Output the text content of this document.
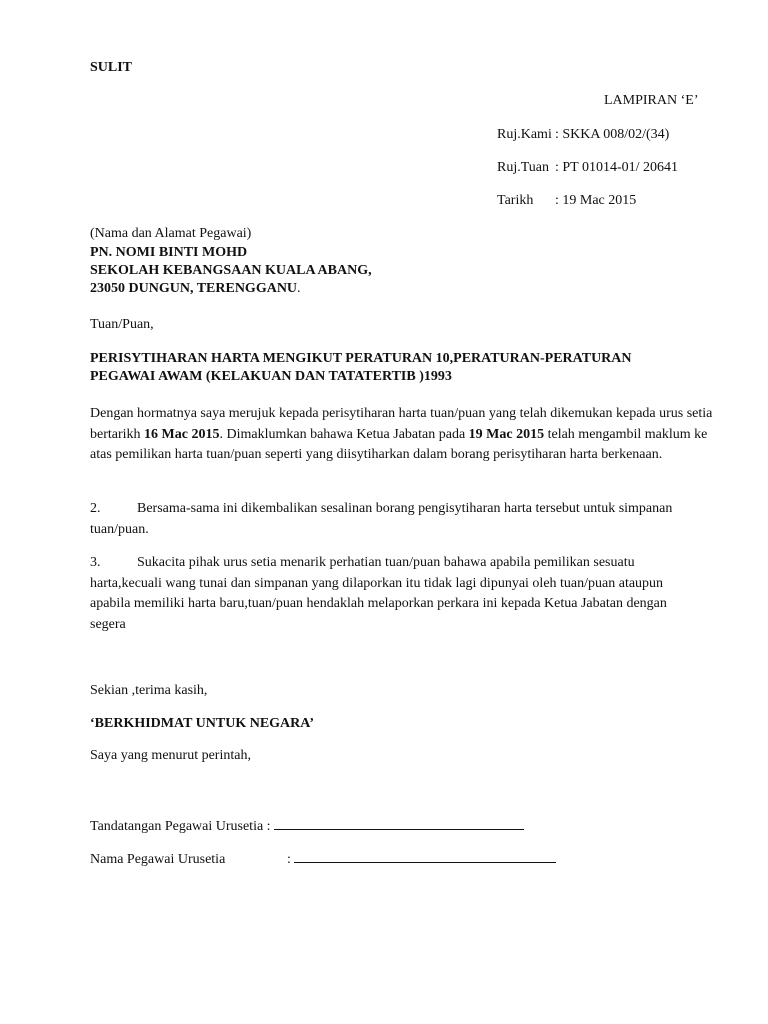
SULIT
LAMPIRAN ‘E’
Ruj.Kami : SKKA 008/02/(34)
Ruj.Tuan : PT 01014-01/ 20641
Tarikh : 19 Mac 2015
(Nama dan Alamat Pegawai)
PN. NOMI BINTI MOHD
SEKOLAH KEBANGSAAN KUALA ABANG,
23050 DUNGUN, TERENGGANU.
Tuan/Puan,
PERISYTIHARAN HARTA MENGIKUT PERATURAN 10,PERATURAN-PERATURAN
PEGAWAI AWAM (KELAKUAN DAN TATATERTIB )1993
Dengan hormatnya saya merujuk kepada perisytiharan harta tuan/puan yang telah dikemukan kepada urus setia bertarikh 16 Mac 2015. Dimaklumkan bahawa Ketua Jabatan pada 19 Mac 2015 telah mengambil maklum ke atas pemilikan harta tuan/puan seperti yang diisytiharkan dalam borang perisytiharan harta berkenaan.
2.	Bersama-sama ini dikembalikan sesalinan borang pengisytiharan harta tersebut untuk simpanan tuan/puan.
3.	Sukacita pihak urus setia menarik perhatian tuan/puan bahawa apabila pemilikan sesuatu harta,kecuali wang tunai dan simpanan yang dilaporkan itu tidak lagi dipunyai oleh tuan/puan ataupun apabila memiliki harta baru,tuan/puan hendaklah melaporkan perkara ini kepada Ketua Jabatan dengan segera
Sekian ,terima kasih,
‘BERKHIDMAT UNTUK NEGARA’
Saya yang menurut perintah,
Tandatangan Pegawai Urusetia :
Nama Pegawai Urusetia	:
